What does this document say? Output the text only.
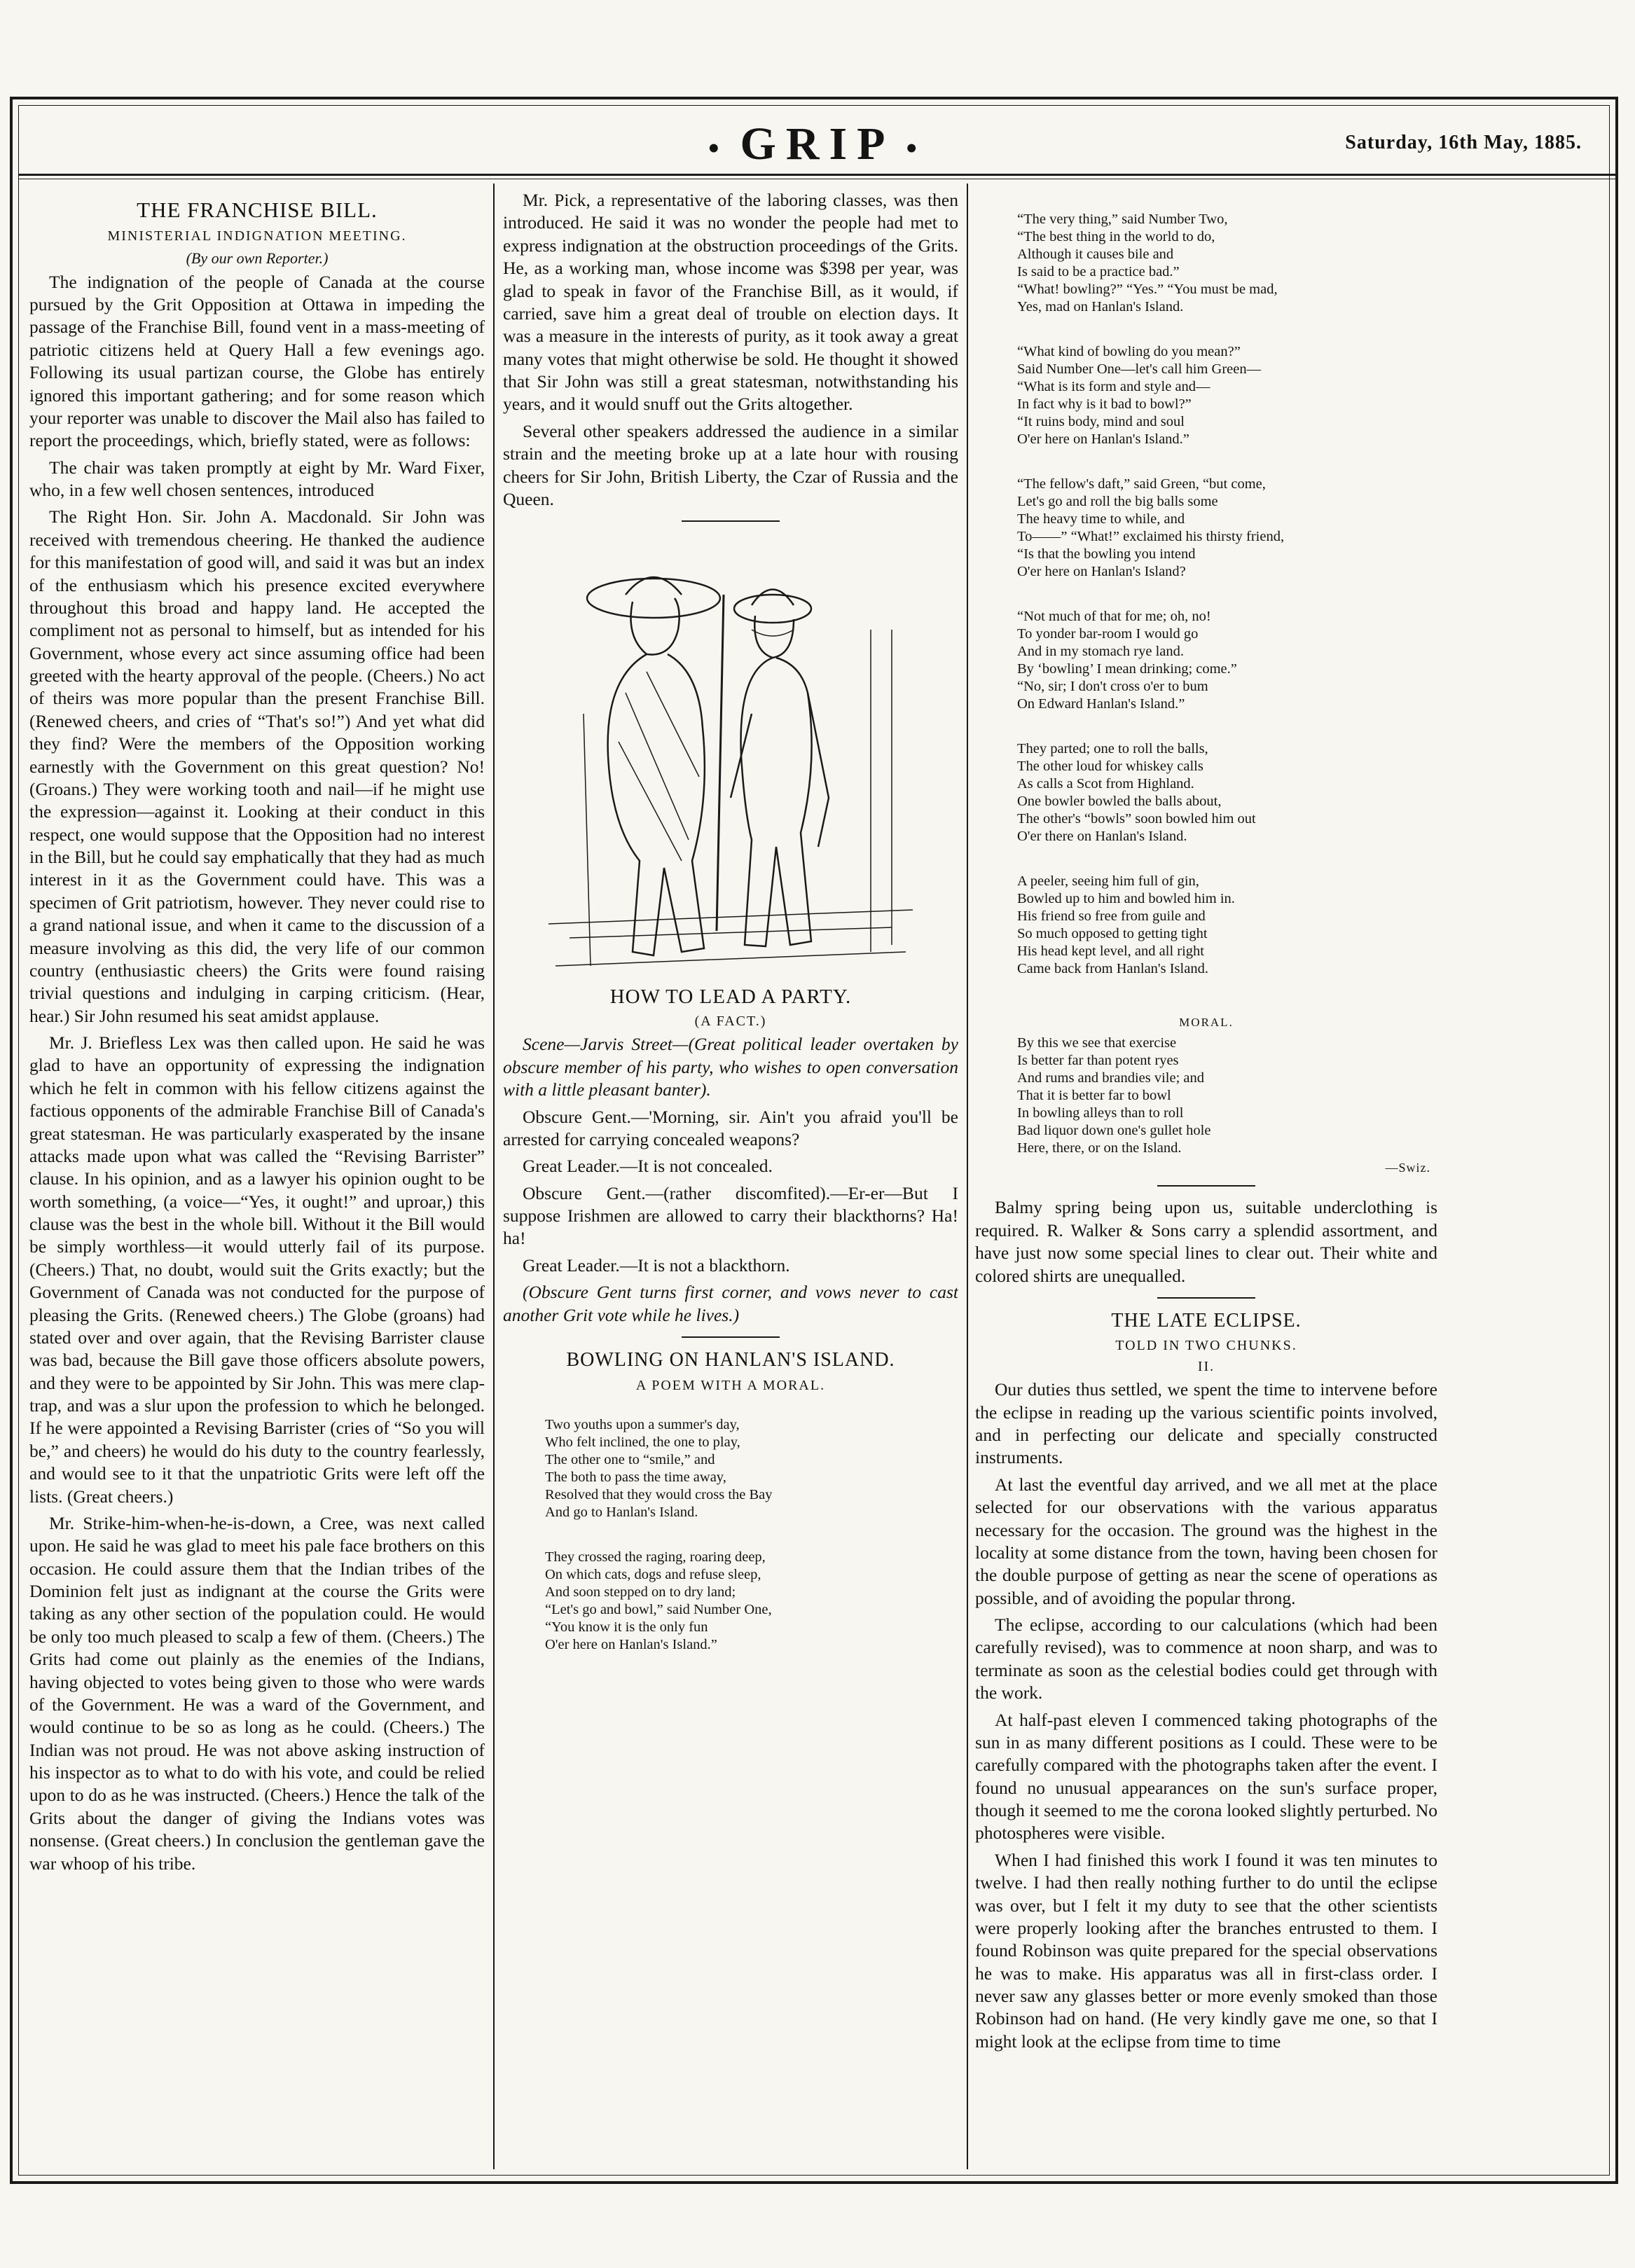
• GRIP •	Saturday, 16th May, 1885.
THE FRANCHISE BILL.
MINISTERIAL INDIGNATION MEETING.
(By our own Reporter.)

The indignation of the people of Canada at the course pursued by the Grit Opposition at Ottawa in impeding the passage of the Franchise Bill, found vent in a mass-meeting of patriotic citizens held at Query Hall a few evenings ago. Following its usual partizan course, the Globe has entirely ignored this important gathering; and for some reason which your reporter was unable to discover the Mail also has failed to report the proceedings, which, briefly stated, were as follows:

The chair was taken promptly at eight by Mr. Ward Fixer, who, in a few well chosen sentences, introduced

The Right Hon. Sir. John A. Macdonald. Sir John was received with tremendous cheering. He thanked the audience for this manifestation of good will, and said it was but an index of the enthusiasm which his presence excited everywhere throughout this broad and happy land. He accepted the compliment not as personal to himself, but as intended for his Government, whose every act since assuming office had been greeted with the hearty approval of the people. (Cheers.) No act of theirs was more popular than the present Franchise Bill. (Renewed cheers, and cries of “That's so!”) And yet what did they find? Were the members of the Opposition working earnestly with the Government on this great question? No! (Groans.) They were working tooth and nail—if he might use the expression—against it. Looking at their conduct in this respect, one would suppose that the Opposition had no interest in the Bill, but he could say emphatically that they had as much interest in it as the Government could have. This was a specimen of Grit patriotism, however. They never could rise to a grand national issue, and when it came to the discussion of a measure involving as this did, the very life of our common country (enthusiastic cheers) the Grits were found raising trivial questions and indulging in carping criticism. (Hear, hear.) Sir John resumed his seat amidst applause.

Mr. J. Briefless Lex was then called upon. He said he was glad to have an opportunity of expressing the indignation which he felt in common with his fellow citizens against the factious opponents of the admirable Franchise Bill of Canada's great statesman. He was particularly exasperated by the insane attacks made upon what was called the “Revising Barrister” clause. In his opinion, and as a lawyer his opinion ought to be worth something, (a voice—“Yes, it ought!” and uproar,) this clause was the best in the whole bill. Without it the Bill would be simply worthless—it would utterly fail of its purpose. (Cheers.) That, no doubt, would suit the Grits exactly; but the Government of Canada was not conducted for the purpose of pleasing the Grits. (Renewed cheers.) The Globe (groans) had stated over and over again, that the Revising Barrister clause was bad, because the Bill gave those officers absolute powers, and they were to be appointed by Sir John. This was mere clap-trap, and was a slur upon the profession to which he belonged. If he were appointed a Revising Barrister (cries of “So you will be,” and cheers) he would do his duty to the country fearlessly, and would see to it that the unpatriotic Grits were left off the lists. (Great cheers.)

Mr. Strike-him-when-he-is-down, a Cree, was next called upon. He said he was glad to meet his pale face brothers on this occasion. He could assure them that the Indian tribes of the Dominion felt just as indignant at the course the Grits were taking as any other section of the population could. He would be only too much pleased to scalp a few of them. (Cheers.) The Grits had come out plainly as the enemies of the Indians, having objected to votes being given to those who were wards of the Government. He was a ward of the Government, and would continue to be so as long as he could. (Cheers.) The Indian was not proud. He was not above asking instruction of his inspector as to what to do with his vote, and could be relied upon to do as he was instructed. (Cheers.) Hence the talk of the Grits about the danger of giving the Indians votes was nonsense. (Great cheers.) In conclusion the gentleman gave the war whoop of his tribe.

Mr. Pick, a representative of the laboring classes, was then introduced. He said it was no wonder the people had met to express indignation at the obstruction proceedings of the Grits. He, as a working man, whose income was $398 per year, was glad to speak in favor of the Franchise Bill, as it would, if carried, save him a great deal of trouble on election days. It was a measure in the interests of purity, as it took away a great many votes that might otherwise be sold. He thought it showed that Sir John was still a great statesman, notwithstanding his years, and it would snuff out the Grits altogether.

Several other speakers addressed the audience in a similar strain and the meeting broke up at a late hour with rousing cheers for Sir John, British Liberty, the Czar of Russia and the Queen.

HOW TO LEAD A PARTY.
(A FACT.)

Scene—Jarvis Street—(Great political leader overtaken by obscure member of his party, who wishes to open conversation with a little pleasant banter).

Obscure Gent.—'Morning, sir. Ain't you afraid you'll be arrested for carrying concealed weapons?

Great Leader.—It is not concealed.

Obscure Gent.—(rather discomfited).—Er-er—But I suppose Irishmen are allowed to carry their blackthorns? Ha! ha!

Great Leader.—It is not a blackthorn.

(Obscure Gent turns first corner, and vows never to cast another Grit vote while he lives.)

BOWLING ON HANLAN'S ISLAND.
A POEM WITH A MORAL.

Two youths upon a summer's day,
Who felt inclined, the one to play,
The other one to “smile,” and
The both to pass the time away,
Resolved that they would cross the Bay
And go to Hanlan's Island.

They crossed the raging, roaring deep,
On which cats, dogs and refuse sleep,
And soon stepped on to dry land;
“Let's go and bowl,” said Number One,
“You know it is the only fun
O'er here on Hanlan's Island.”

“The very thing,” said Number Two,
“The best thing in the world to do,
Although it causes bile and
Is said to be a practice bad.”
“What! bowling?” “Yes.” “You must be mad,
Yes, mad on Hanlan's Island.

“What kind of bowling do you mean?”
Said Number One—let's call him Green—
“What is its form and style and—
In fact why is it bad to bowl?”
“It ruins body, mind and soul
O'er here on Hanlan's Island.”

“The fellow's daft,” said Green, “but come,
Let's go and roll the big balls some
The heavy time to while, and
To——” “What!” exclaimed his thirsty friend,
“Is that the bowling you intend
O'er here on Hanlan's Island?

“Not much of that for me; oh, no!
To yonder bar-room I would go
And in my stomach rye land.
By ‘bowling’ I mean drinking; come.”
“No, sir; I don't cross o'er to bum
On Edward Hanlan's Island.”

They parted; one to roll the balls,
The other loud for whiskey calls
As calls a Scot from Highland.
One bowler bowled the balls about,
The other's “bowls” soon bowled him out
O'er there on Hanlan's Island.

A peeler, seeing him full of gin,
Bowled up to him and bowled him in.
His friend so free from guile and
So much opposed to getting tight
His head kept level, and all right
Came back from Hanlan's Island.

MORAL.
By this we see that exercise
Is better far than potent ryes
And rums and brandies vile; and
That it is better far to bowl
In bowling alleys than to roll
Bad liquor down one's gullet hole
Here, there, or on the Island.
—Swiz.

Balmy spring being upon us, suitable underclothing is required. R. Walker & Sons carry a splendid assortment, and have just now some special lines to clear out. Their white and colored shirts are unequalled.

THE LATE ECLIPSE.
TOLD IN TWO CHUNKS.
II.

Our duties thus settled, we spent the time to intervene before the eclipse in reading up the various scientific points involved, and in perfecting our delicate and specially constructed instruments.

At last the eventful day arrived, and we all met at the place selected for our observations with the various apparatus necessary for the occasion. The ground was the highest in the locality at some distance from the town, having been chosen for the double purpose of getting as near the scene of operations as possible, and of avoiding the popular throng.

The eclipse, according to our calculations (which had been carefully revised), was to commence at noon sharp, and was to terminate as soon as the celestial bodies could get through with the work.

At half-past eleven I commenced taking photographs of the sun in as many different positions as I could. These were to be carefully compared with the photographs taken after the event. I found no unusual appearances on the sun's surface proper, though it seemed to me the corona looked slightly perturbed. No photospheres were visible.

When I had finished this work I found it was ten minutes to twelve. I had then really nothing further to do until the eclipse was over, but I felt it my duty to see that the other scientists were properly looking after the branches entrusted to them. I found Robinson was quite prepared for the special observations he was to make. His apparatus was all in first-class order. I never saw any glasses better or more evenly smoked than those Robinson had on hand. (He very kindly gave me one, so that I might look at the eclipse from time to time
